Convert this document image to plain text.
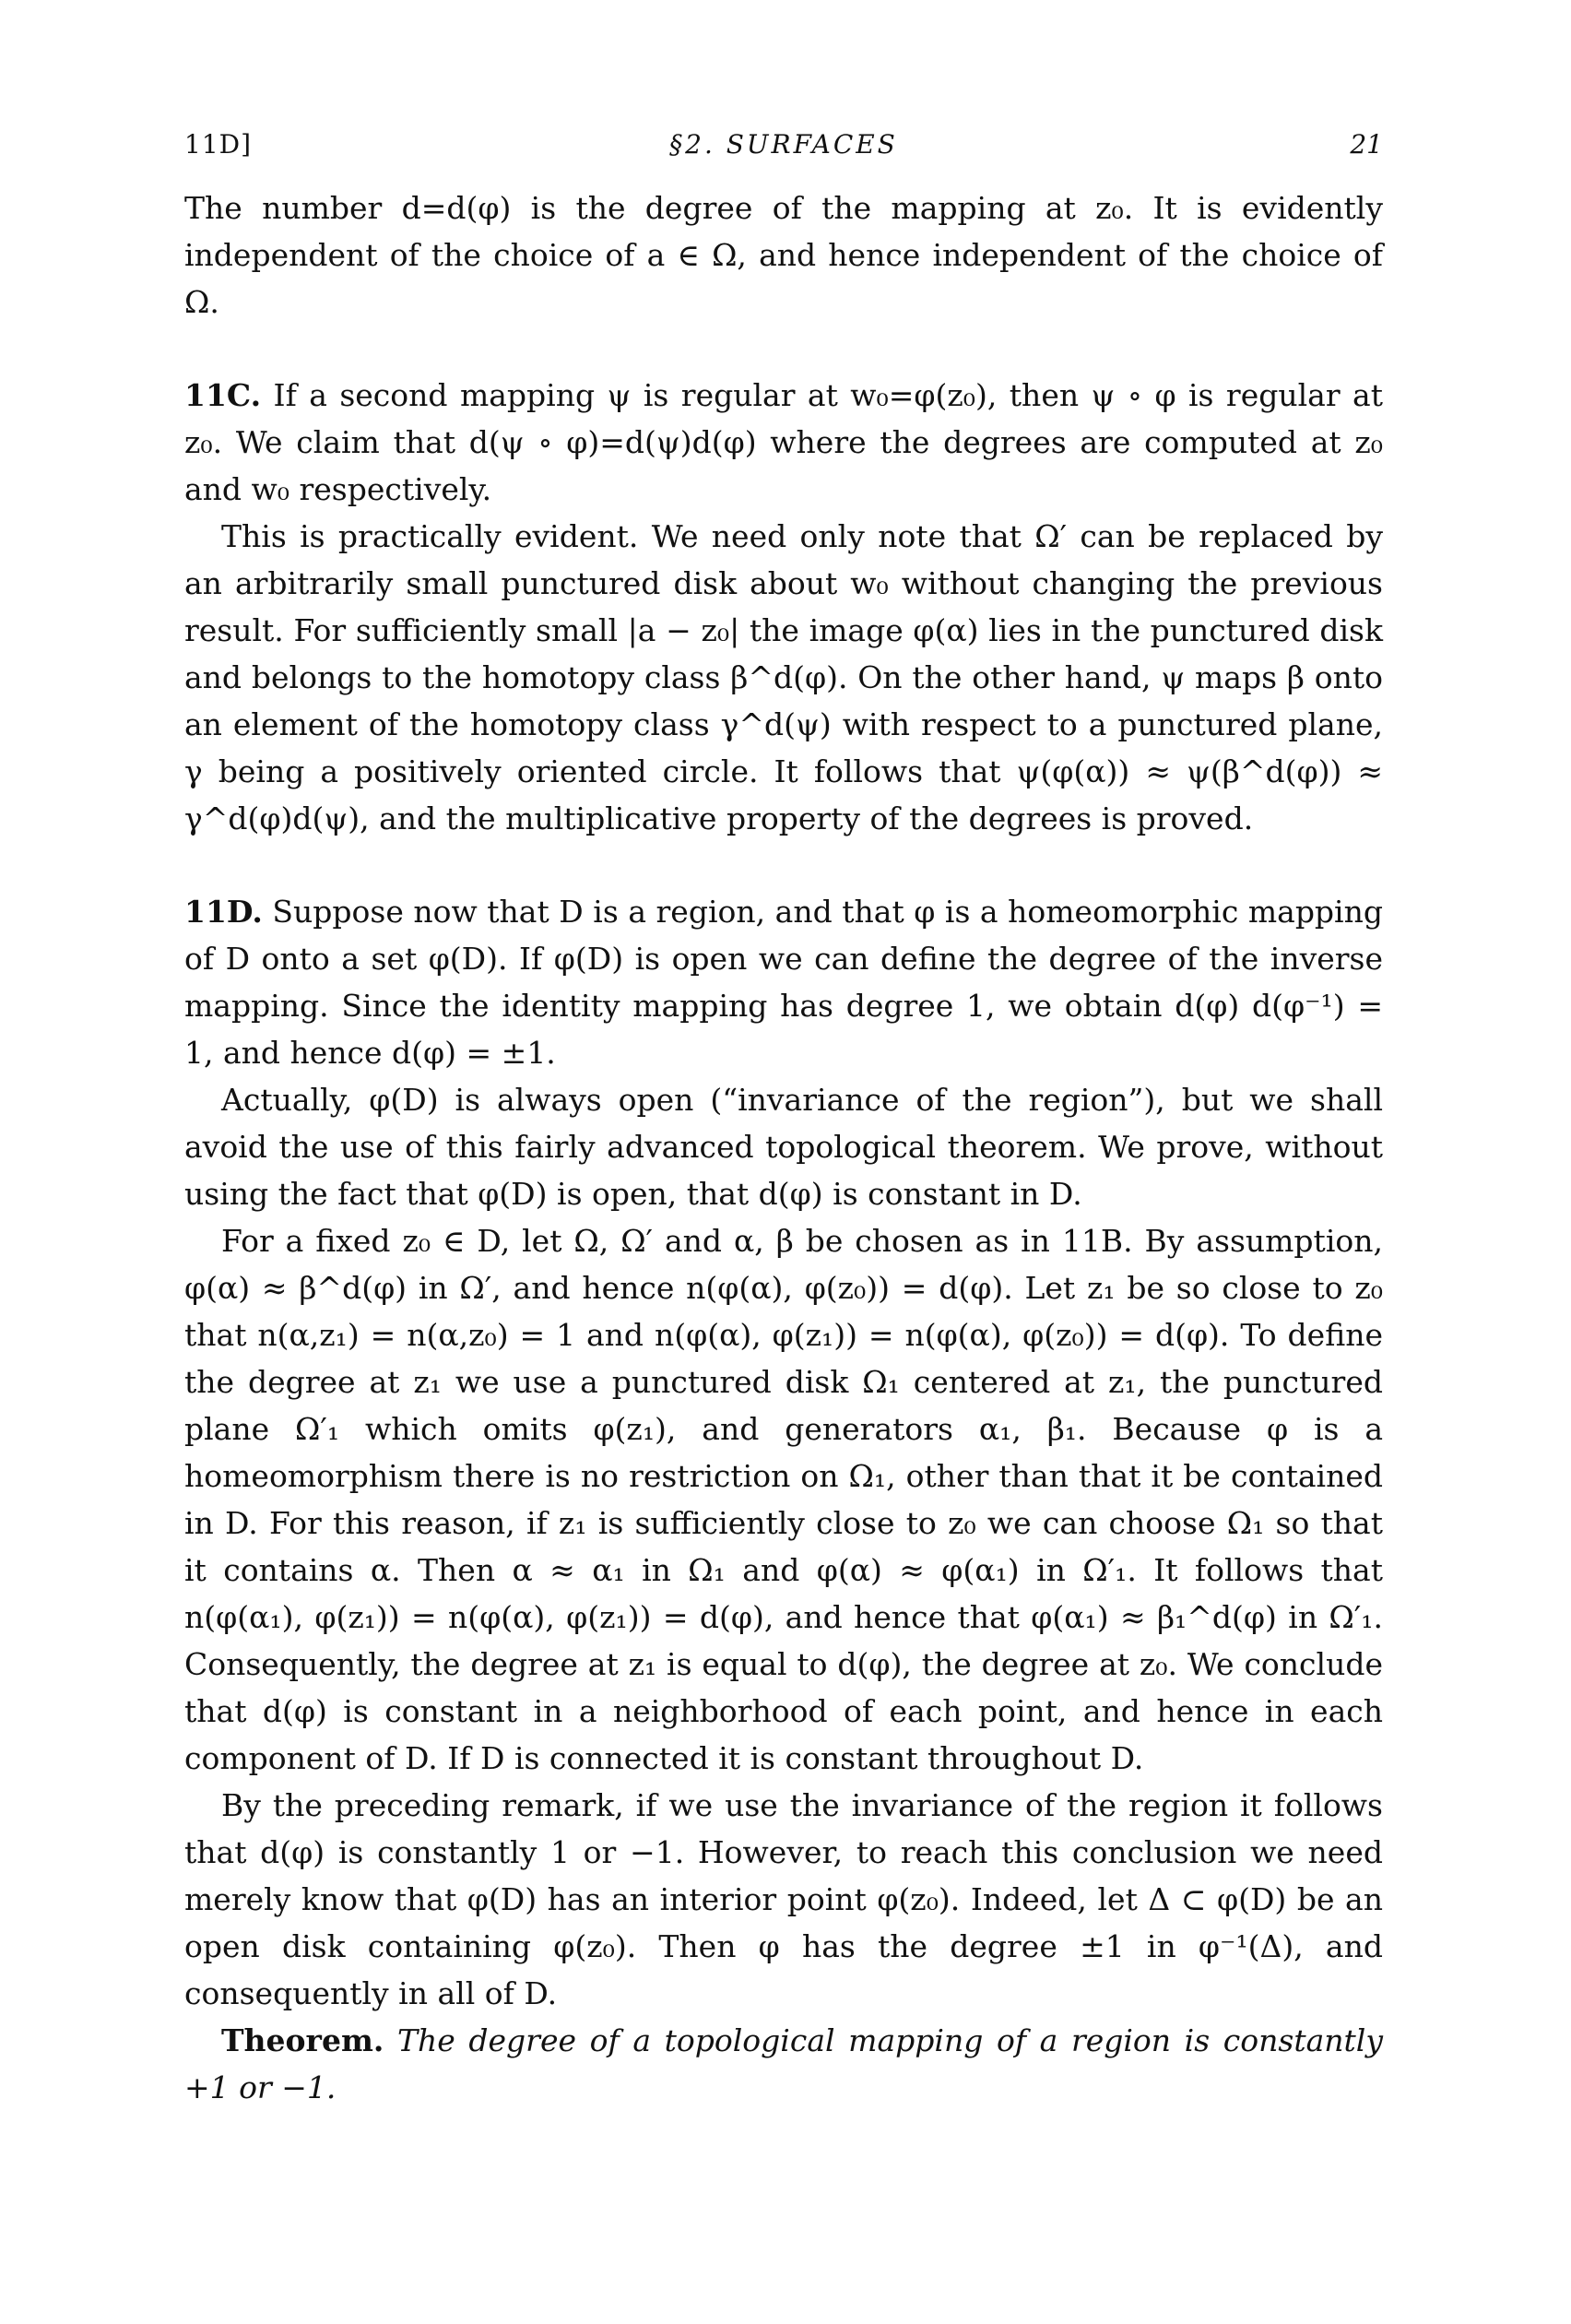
11D]	§2. SURFACES	21

The number d=d(φ) is the degree of the mapping at z₀. It is evidently independent of the choice of a ∈ Ω, and hence independent of the choice of Ω.

11C. If a second mapping ψ is regular at w₀=φ(z₀), then ψ ∘ φ is regular at z₀. We claim that d(ψ ∘ φ)=d(ψ)d(φ) where the degrees are computed at z₀ and w₀ respectively.

This is practically evident. We need only note that Ω′ can be replaced by an arbitrarily small punctured disk about w₀ without changing the previous result. For sufficiently small |a − z₀| the image φ(α) lies in the punctured disk and belongs to the homotopy class β^d(φ). On the other hand, ψ maps β onto an element of the homotopy class γ^d(ψ) with respect to a punctured plane, γ being a positively oriented circle. It follows that ψ(φ(α)) ≈ ψ(β^d(φ)) ≈ γ^d(φ)d(ψ), and the multiplicative property of the degrees is proved.

11D. Suppose now that D is a region, and that φ is a homeomorphic mapping of D onto a set φ(D). If φ(D) is open we can define the degree of the inverse mapping. Since the identity mapping has degree 1, we obtain d(φ) d(φ⁻¹) = 1, and hence d(φ) = ±1.

Actually, φ(D) is always open (“invariance of the region”), but we shall avoid the use of this fairly advanced topological theorem. We prove, without using the fact that φ(D) is open, that d(φ) is constant in D.

For a fixed z₀ ∈ D, let Ω, Ω′ and α, β be chosen as in 11B. By assumption, φ(α) ≈ β^d(φ) in Ω′, and hence n(φ(α), φ(z₀)) = d(φ). Let z₁ be so close to z₀ that n(α,z₁) = n(α,z₀) = 1 and n(φ(α), φ(z₁)) = n(φ(α), φ(z₀)) = d(φ). To define the degree at z₁ we use a punctured disk Ω₁ centered at z₁, the punctured plane Ω′₁ which omits φ(z₁), and generators α₁, β₁. Because φ is a homeomorphism there is no restriction on Ω₁, other than that it be contained in D. For this reason, if z₁ is sufficiently close to z₀ we can choose Ω₁ so that it contains α. Then α ≈ α₁ in Ω₁ and φ(α) ≈ φ(α₁) in Ω′₁. It follows that n(φ(α₁), φ(z₁)) = n(φ(α), φ(z₁)) = d(φ), and hence that φ(α₁) ≈ β₁^d(φ) in Ω′₁. Consequently, the degree at z₁ is equal to d(φ), the degree at z₀. We conclude that d(φ) is constant in a neighborhood of each point, and hence in each component of D. If D is connected it is constant throughout D.

By the preceding remark, if we use the invariance of the region it follows that d(φ) is constantly 1 or −1. However, to reach this conclusion we need merely know that φ(D) has an interior point φ(z₀). Indeed, let Δ ⊂ φ(D) be an open disk containing φ(z₀). Then φ has the degree ±1 in φ⁻¹(Δ), and consequently in all of D.

Theorem. The degree of a topological mapping of a region is constantly +1 or −1.
